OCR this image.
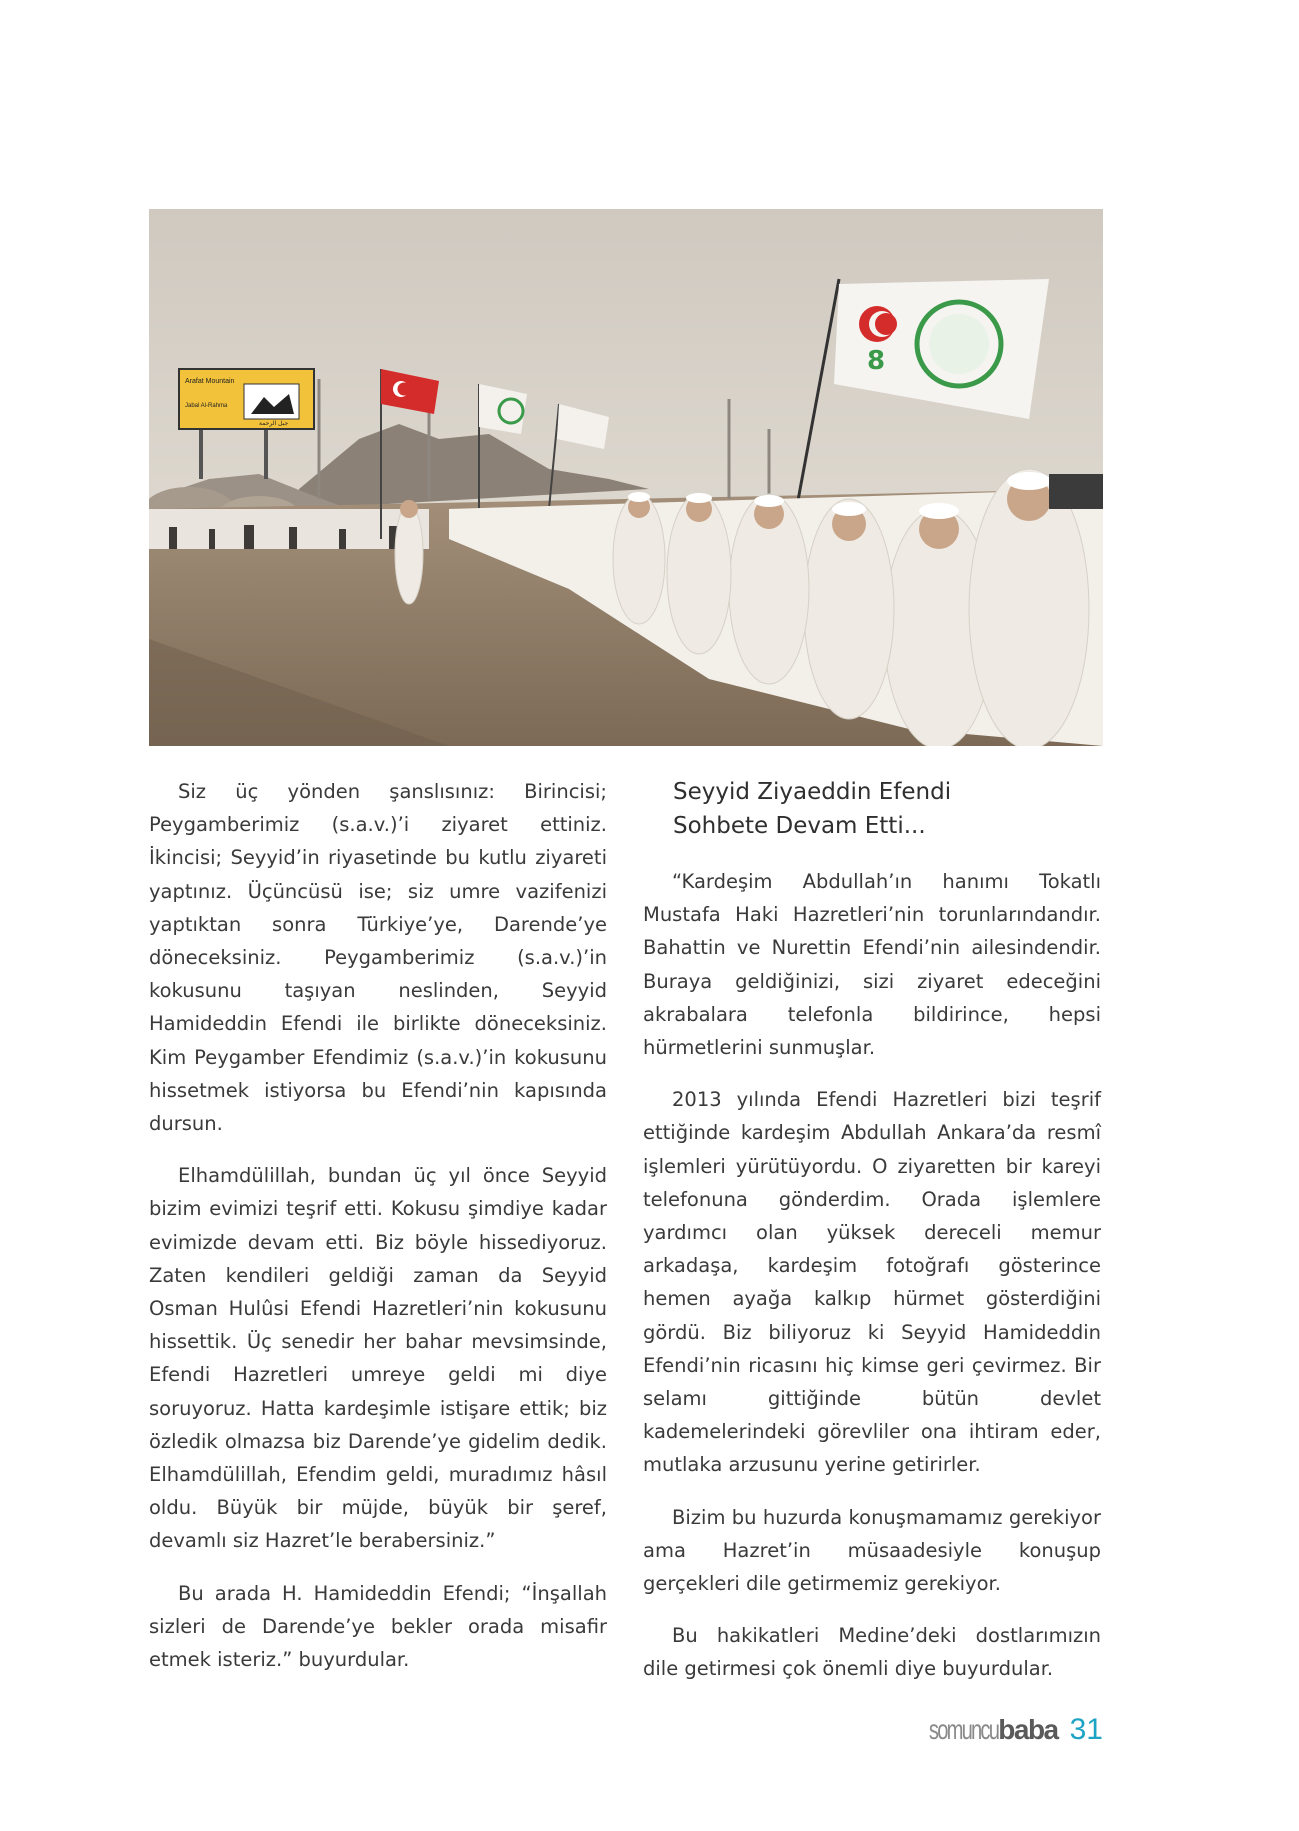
Arafat Mountain
Jabal Al-Rahma
جبل الرحمة
8

Siz üç yönden şanslısınız: Birincisi; Peygamberimiz (s.a.v.)’i ziyaret ettiniz. İkincisi; Seyyid’in riyasetinde bu kutlu ziyareti yaptınız. Üçüncüsü ise; siz umre vazifenizi yaptıktan sonra Türkiye’ye, Darende’ye döneceksiniz. Peygamberimiz (s.a.v.)’in kokusunu taşıyan neslinden, Seyyid Hamideddin Efendi ile birlikte döneceksiniz. Kim Peygamber Efendimiz (s.a.v.)’in kokusunu hissetmek istiyorsa bu Efendi’nin kapısında dursun.

Elhamdülillah, bundan üç yıl önce Seyyid bizim evimizi teşrif etti. Kokusu şimdiye kadar evimizde devam etti. Biz böyle hissediyoruz. Zaten kendileri geldiği zaman da Seyyid Osman Hulûsi Efendi Hazretleri’nin kokusunu hissettik. Üç senedir her bahar mevsimsinde, Efendi Hazretleri umreye geldi mi diye soruyoruz. Hatta kardeşimle istişare ettik; biz özledik olmazsa biz Darende’ye gidelim dedik. Elhamdülillah, Efendim geldi, muradımız hâsıl oldu. Büyük bir müjde, büyük bir şeref, devamlı siz Hazret’le berabersiniz.”

Bu arada H. Hamideddin Efendi; “İnşallah sizleri de Darende’ye bekler orada misafir etmek isteriz.” buyurdular.

Seyyid Ziyaeddin Efendi
Sohbete Devam Etti...

“Kardeşim Abdullah’ın hanımı Tokatlı Mustafa Haki Hazretleri’nin torunlarındandır. Bahattin ve Nurettin Efendi’nin ailesindendir. Buraya geldiğinizi, sizi ziyaret edeceğini akrabalara telefonla bildirince, hepsi hürmetlerini sunmuşlar.

2013 yılında Efendi Hazretleri bizi teşrif ettiğinde kardeşim Abdullah Ankara’da resmî işlemleri yürütüyordu. O ziyaretten bir kareyi telefonuna gönderdim. Orada işlemlere yardımcı olan yüksek dereceli memur arkadaşa, kardeşim fotoğrafı gösterince hemen ayağa kalkıp hürmet gösterdiğini gördü. Biz biliyoruz ki Seyyid Hamideddin Efendi’nin ricasını hiç kimse geri çevirmez. Bir selamı gittiğinde bütün devlet kademelerindeki görevliler ona ihtiram eder, mutlaka arzusunu yerine getirirler.

Bizim bu huzurda konuşmamamız gerekiyor ama Hazret’in müsaadesiyle konuşup gerçekleri dile getirmemiz gerekiyor.

Bu hakikatleri Medine’deki dostlarımızın dile getirmesi çok önemli diye buyurdular.

somuncu baba 31
